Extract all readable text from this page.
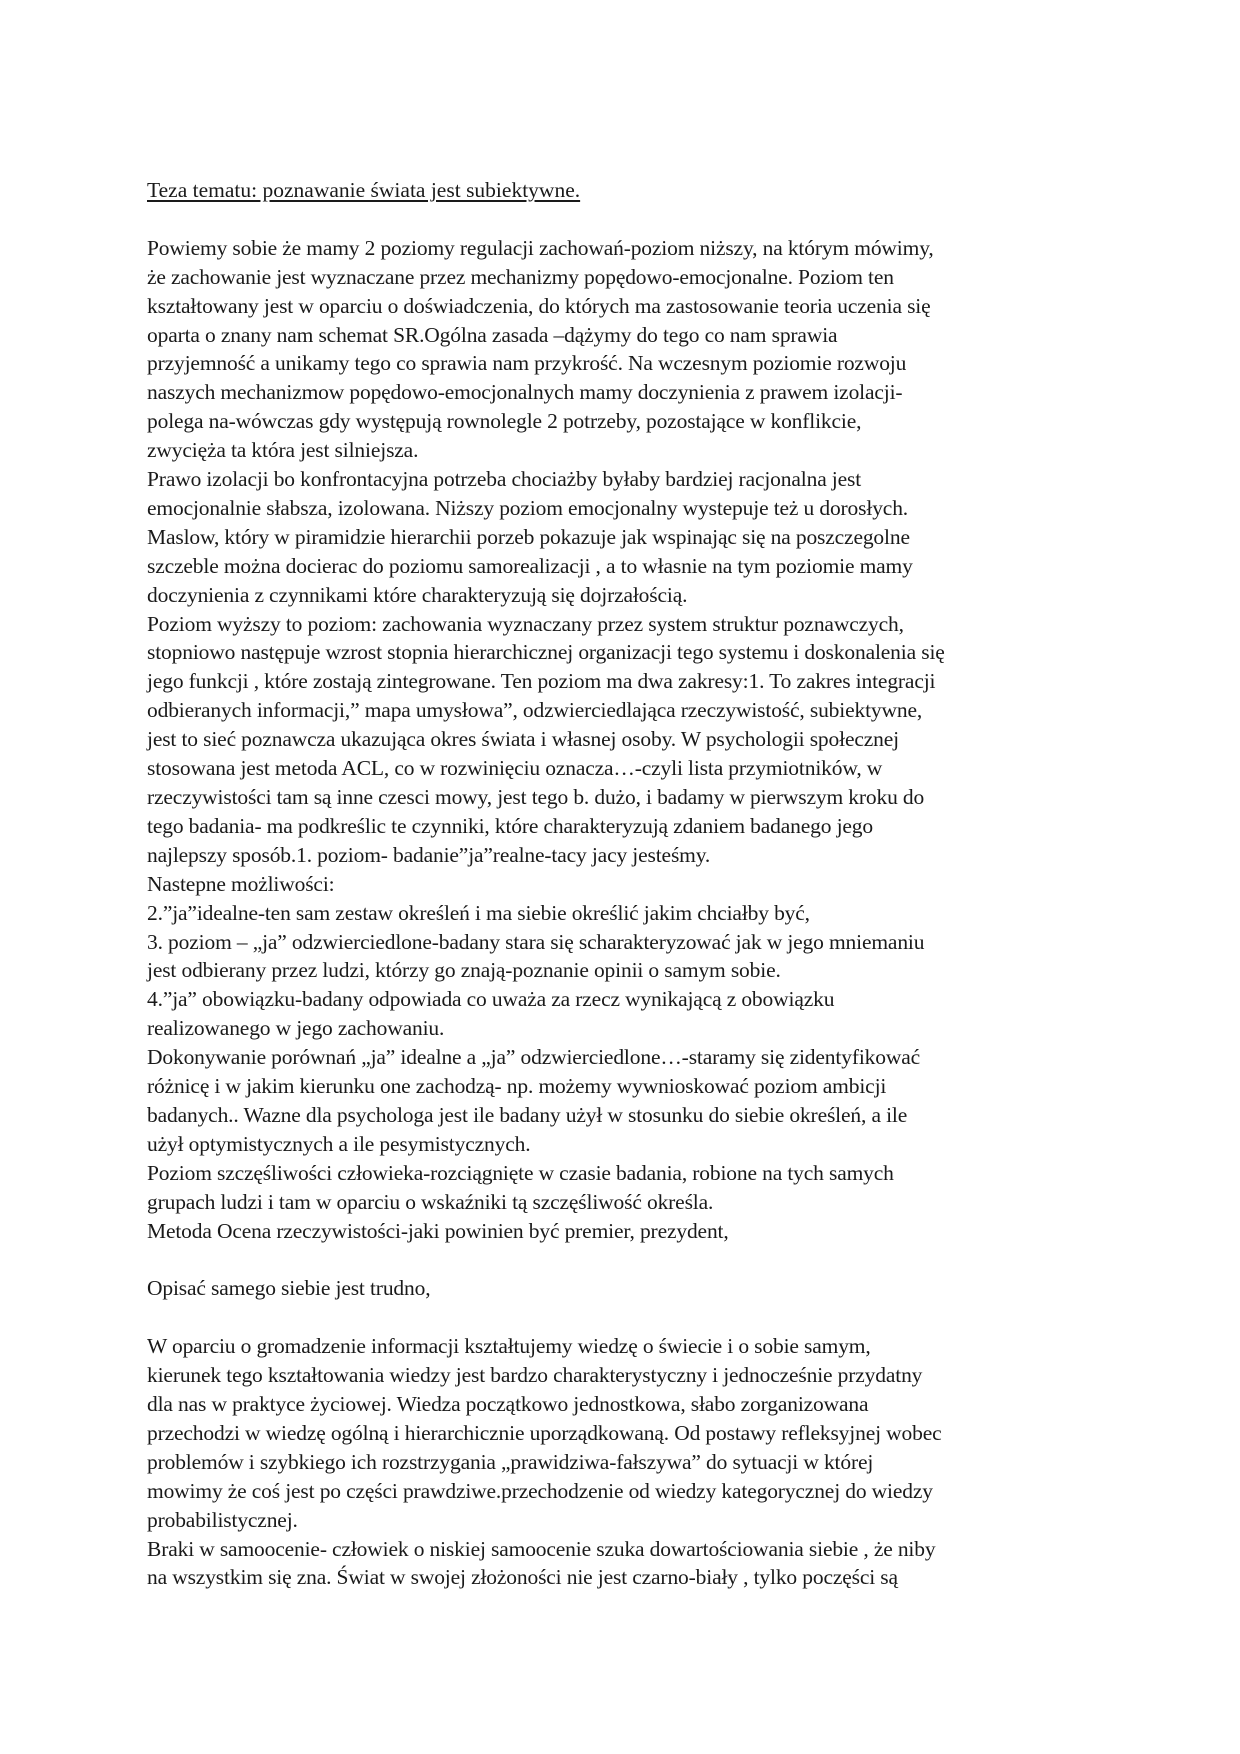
Teza tematu: poznawanie świata jest subiektywne.
Powiemy sobie że mamy 2 poziomy regulacji zachowań-poziom niższy, na którym mówimy,
że zachowanie jest wyznaczane przez mechanizmy popędowo-emocjonalne. Poziom ten
kształtowany jest w oparciu o doświadczenia, do których ma zastosowanie teoria uczenia się
oparta o znany nam schemat SR.Ogólna zasada –dążymy do tego co nam sprawia
przyjemność a unikamy tego co sprawia nam przykrość. Na wczesnym poziomie rozwoju
naszych mechanizmow popędowo-emocjonalnych mamy doczynienia z prawem izolacji-
polega na-wówczas gdy występują rownolegle 2 potrzeby, pozostające w konflikcie,
zwycięża ta która jest silniejsza.
Prawo izolacji bo konfrontacyjna potrzeba chociażby byłaby bardziej racjonalna jest
emocjonalnie słabsza, izolowana. Niższy poziom emocjonalny wystepuje też u dorosłych.
Maslow, który w piramidzie hierarchii porzeb pokazuje jak wspinając się na poszczegolne
szczeble można docierac do poziomu samorealizacji , a to własnie na tym poziomie mamy
doczynienia z czynnikami które charakteryzują się dojrzałością.
Poziom wyższy to poziom: zachowania wyznaczany przez system struktur poznawczych,
stopniowo następuje wzrost stopnia hierarchicznej organizacji tego systemu i doskonalenia się
jego funkcji , które zostają zintegrowane. Ten poziom ma dwa zakresy:1. To zakres integracji
odbieranych informacji,” mapa umysłowa”, odzwierciedlająca rzeczywistość, subiektywne,
jest to sieć poznawcza ukazująca okres świata i własnej osoby. W psychologii społecznej
stosowana jest metoda ACL, co w rozwinięciu oznacza…-czyli lista przymiotników, w
rzeczywistości tam są inne czesci mowy, jest tego b. dużo, i badamy w pierwszym kroku do
tego badania- ma podkreślic te czynniki, które charakteryzują zdaniem badanego jego
najlepszy sposób.1. poziom- badanie”ja”realne-tacy jacy jesteśmy.
Nastepne możliwości:
2.”ja”idealne-ten sam zestaw określeń i ma siebie określić jakim chciałby być,
3. poziom – „ja” odzwierciedlone-badany stara się scharakteryzować jak w jego mniemaniu
jest odbierany przez ludzi, którzy go znają-poznanie opinii o samym sobie.
4.”ja” obowiązku-badany odpowiada co uważa za rzecz wynikającą z obowiązku
realizowanego w jego zachowaniu.
Dokonywanie porównań „ja” idealne a „ja” odzwierciedlone…-staramy się zidentyfikować
różnicę i w jakim kierunku one zachodzą- np. możemy wywnioskować poziom ambicji
badanych.. Wazne dla psychologa jest ile badany użył w stosunku do siebie określeń, a ile
użył optymistycznych a ile pesymistycznych.
Poziom szczęśliwości człowieka-rozciągnięte w czasie badania, robione na tych samych
grupach ludzi i tam w oparciu o wskaźniki tą szczęśliwość określa.
Metoda Ocena rzeczywistości-jaki powinien być premier, prezydent,
Opisać samego siebie jest trudno,
W oparciu o gromadzenie informacji kształtujemy wiedzę o świecie i o sobie samym,
kierunek tego kształtowania wiedzy jest bardzo charakterystyczny i jednocześnie przydatny
dla nas w praktyce życiowej. Wiedza początkowo jednostkowa, słabo zorganizowana
przechodzi w wiedzę ogólną i hierarchicznie uporządkowaną. Od postawy refleksyjnej wobec
problemów i szybkiego ich rozstrzygania „prawidziwa-fałszywa” do sytuacji w której
mowimy że coś jest po części prawdziwe.przechodzenie od wiedzy kategorycznej do wiedzy
probabilistycznej.
Braki w samoocenie- człowiek o niskiej samoocenie szuka dowartościowania siebie , że niby
na wszystkim się zna. Świat w swojej złożoności nie jest czarno-biały , tylko poczęści są
